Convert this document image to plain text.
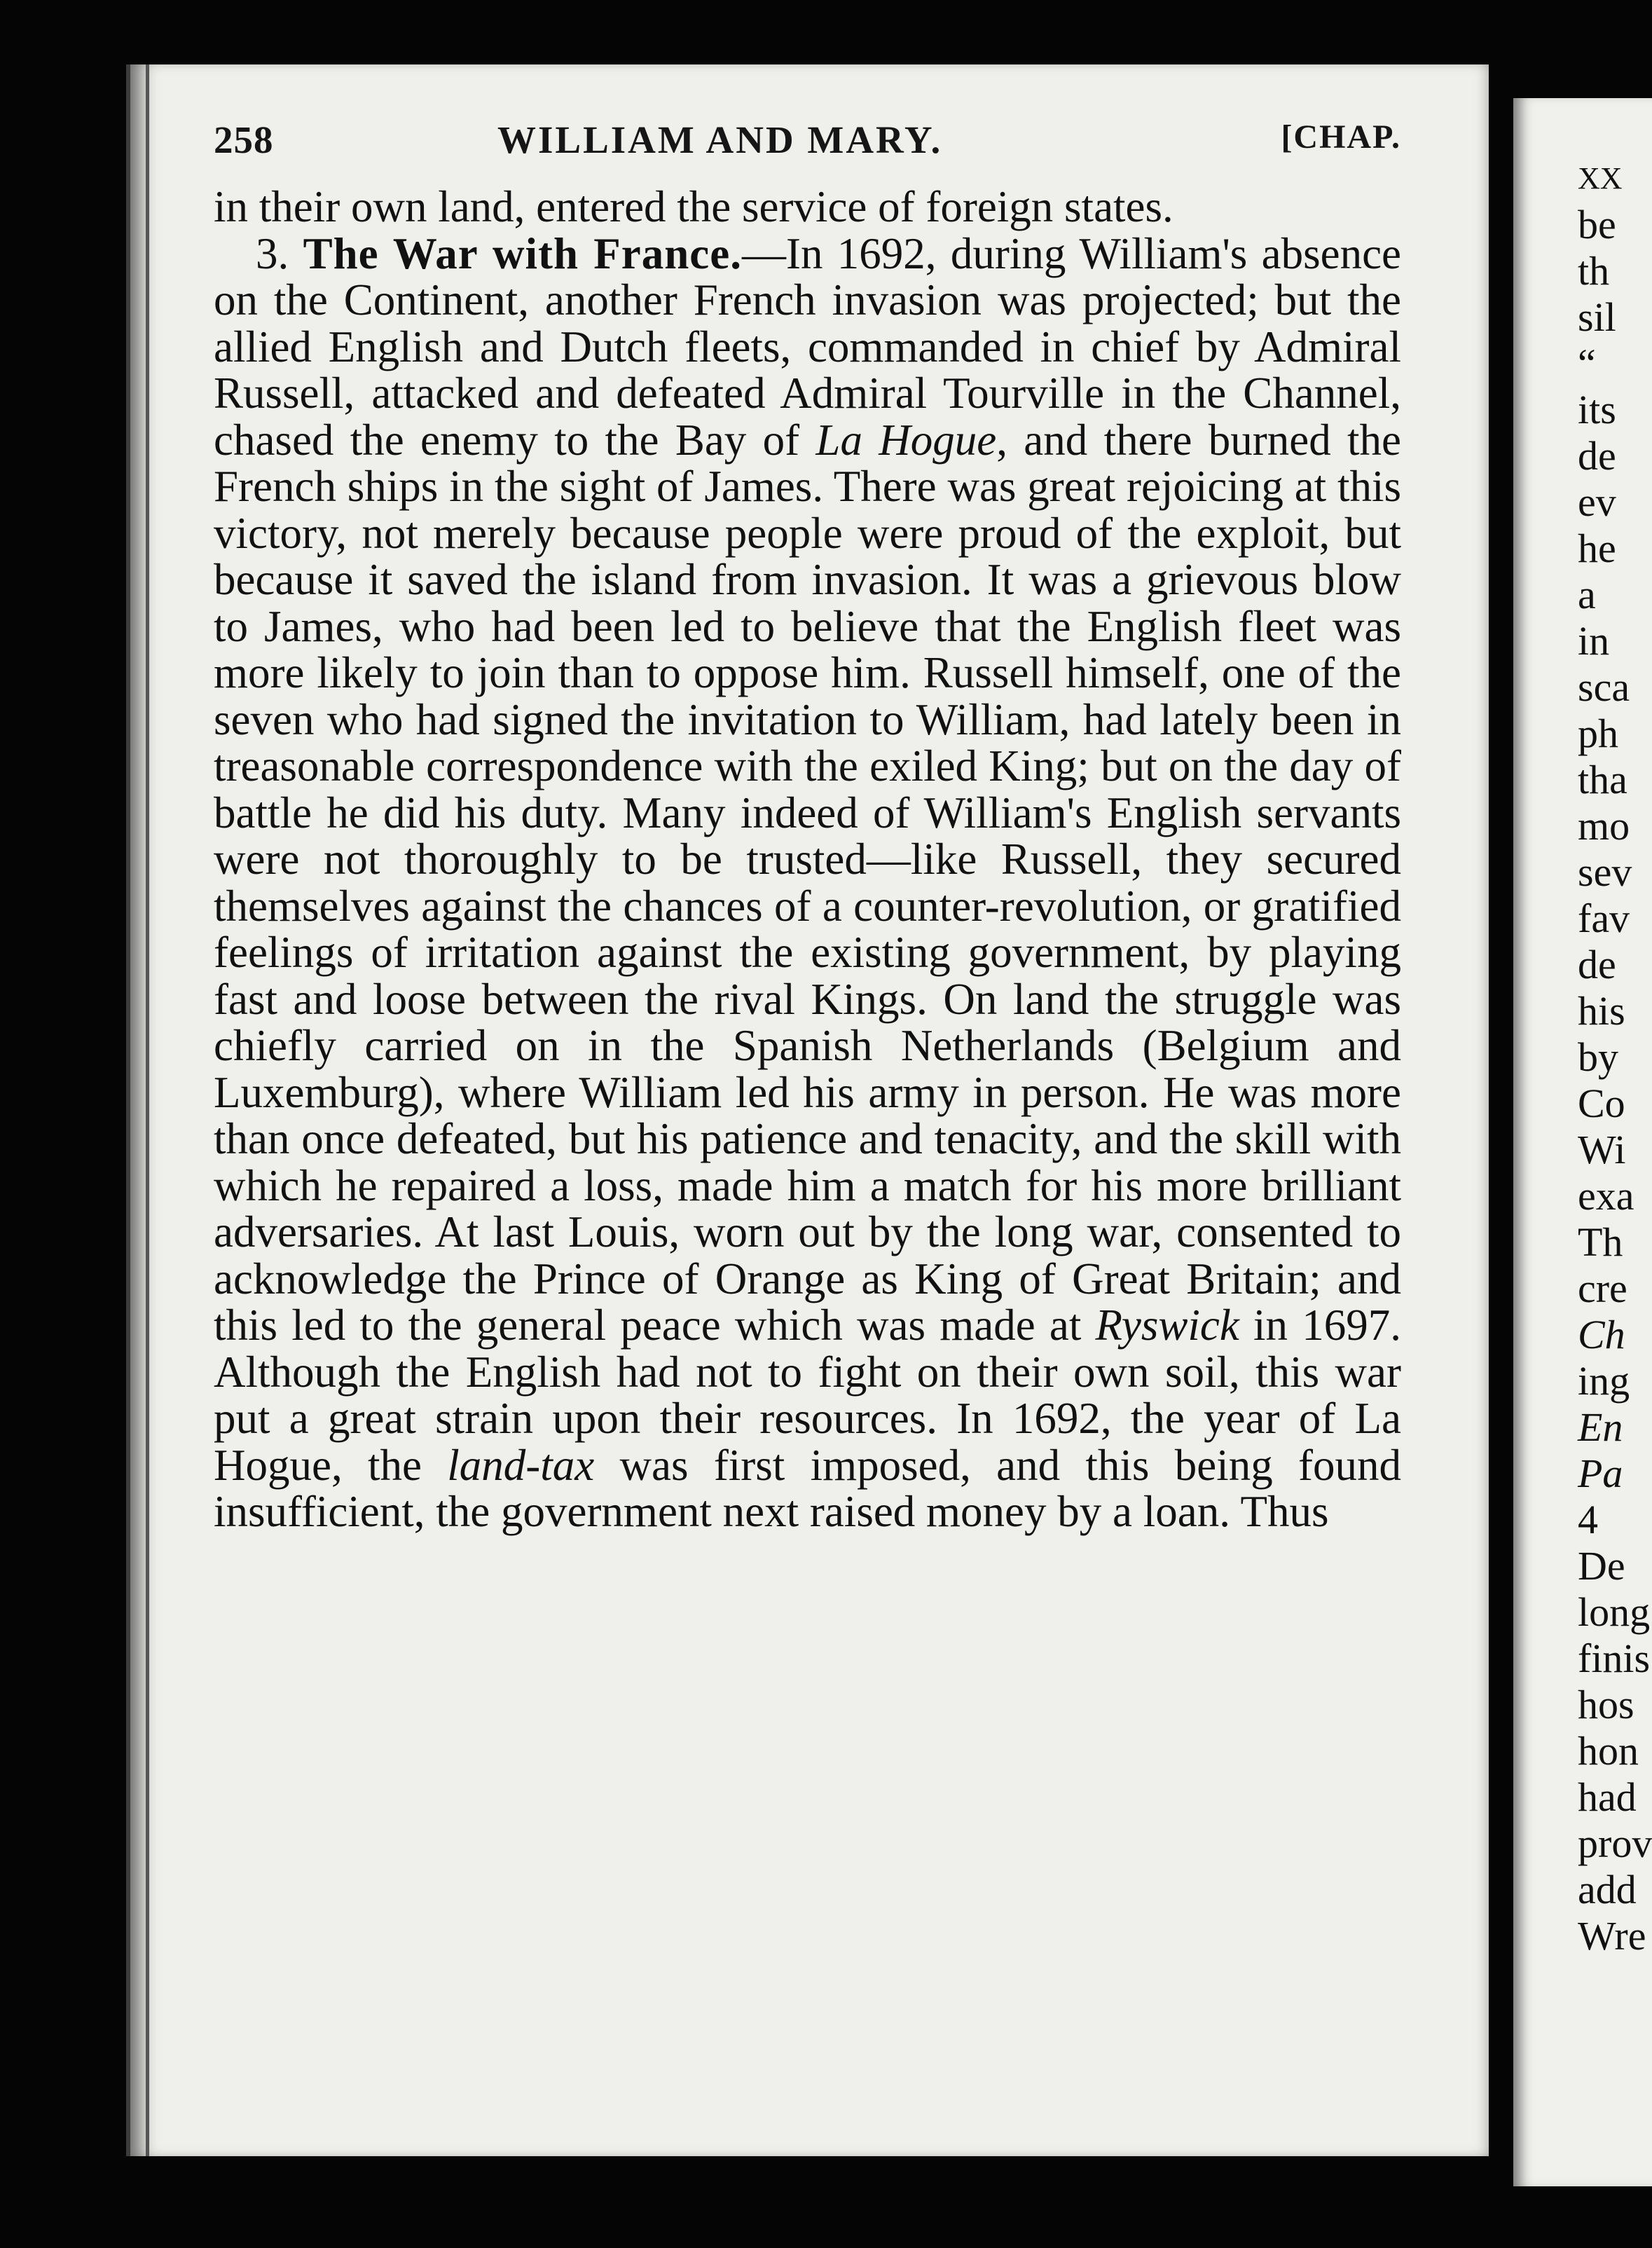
258	WILLIAM AND MARY.	[CHAP.

in their own land, entered the service of foreign states.

3. The War with France.—In 1692, during William's absence on the Continent, another French invasion was projected; but the allied English and Dutch fleets, commanded in chief by Admiral Russell, attacked and defeated Admiral Tourville in the Channel, chased the enemy to the Bay of La Hogue, and there burned the French ships in the sight of James. There was great rejoicing at this victory, not merely because people were proud of the exploit, but because it saved the island from invasion. It was a grievous blow to James, who had been led to believe that the English fleet was more likely to join than to oppose him. Russell himself, one of the seven who had signed the invitation to William, had lately been in treasonable correspondence with the exiled King; but on the day of battle he did his duty. Many indeed of William's English servants were not thoroughly to be trusted—like Russell, they secured themselves against the chances of a counter-revolution, or gratified feelings of irritation against the existing government, by playing fast and loose between the rival Kings. On land the struggle was chiefly carried on in the Spanish Netherlands (Belgium and Luxemburg), where William led his army in person. He was more than once defeated, but his patience and tenacity, and the skill with which he repaired a loss, made him a match for his more brilliant adversaries. At last Louis, worn out by the long war, consented to acknowledge the Prince of Orange as King of Great Britain; and this led to the general peace which was made at Ryswick in 1697. Although the English had not to fight on their own soil, this war put a great strain upon their resources. In 1692, the year of La Hogue, the land-tax was first imposed, and this being found insufficient, the government next raised money by a loan. Thus

XX
be
th
sil
“
its
de
ev
he
a
in
sca
ph
tha
mo
sev
fav
de
his
by
Co
Wi
exa
Th
cre
Ch
ing
En
Pa
4
De
long
finis
hos
hon
had
prov
add
Wre
